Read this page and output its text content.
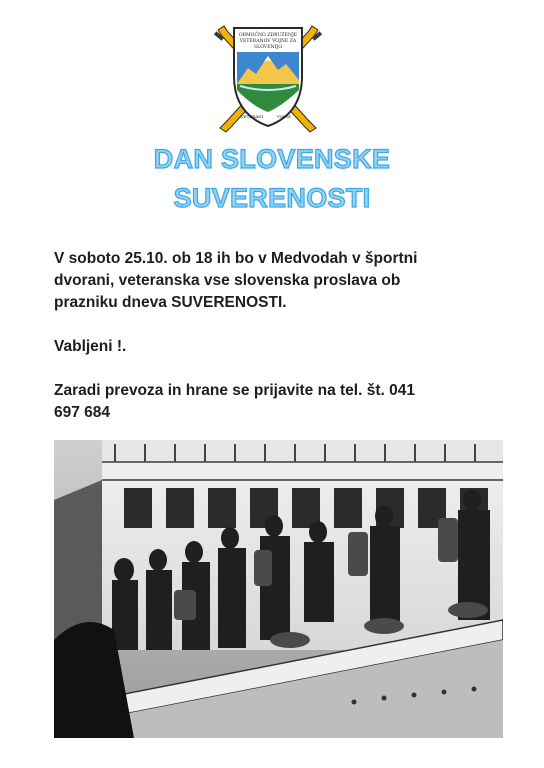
OBMOČNO ZDRUŽENJE
VETERANOV VOJNE ZA
SLOVENIJO
VETERANI	VOJNE
DAN SLOVENSKE
SUVERENOSTI

V soboto 25.10. ob 18 ih bo v Medvodah v športni

dvorani, veteranska vse slovenska proslava ob

prazniku dneva SUVERENOSTI.

Vabljeni !.

Zaradi prevoza in hrane se prijavite na tel. št. 041

697 684
